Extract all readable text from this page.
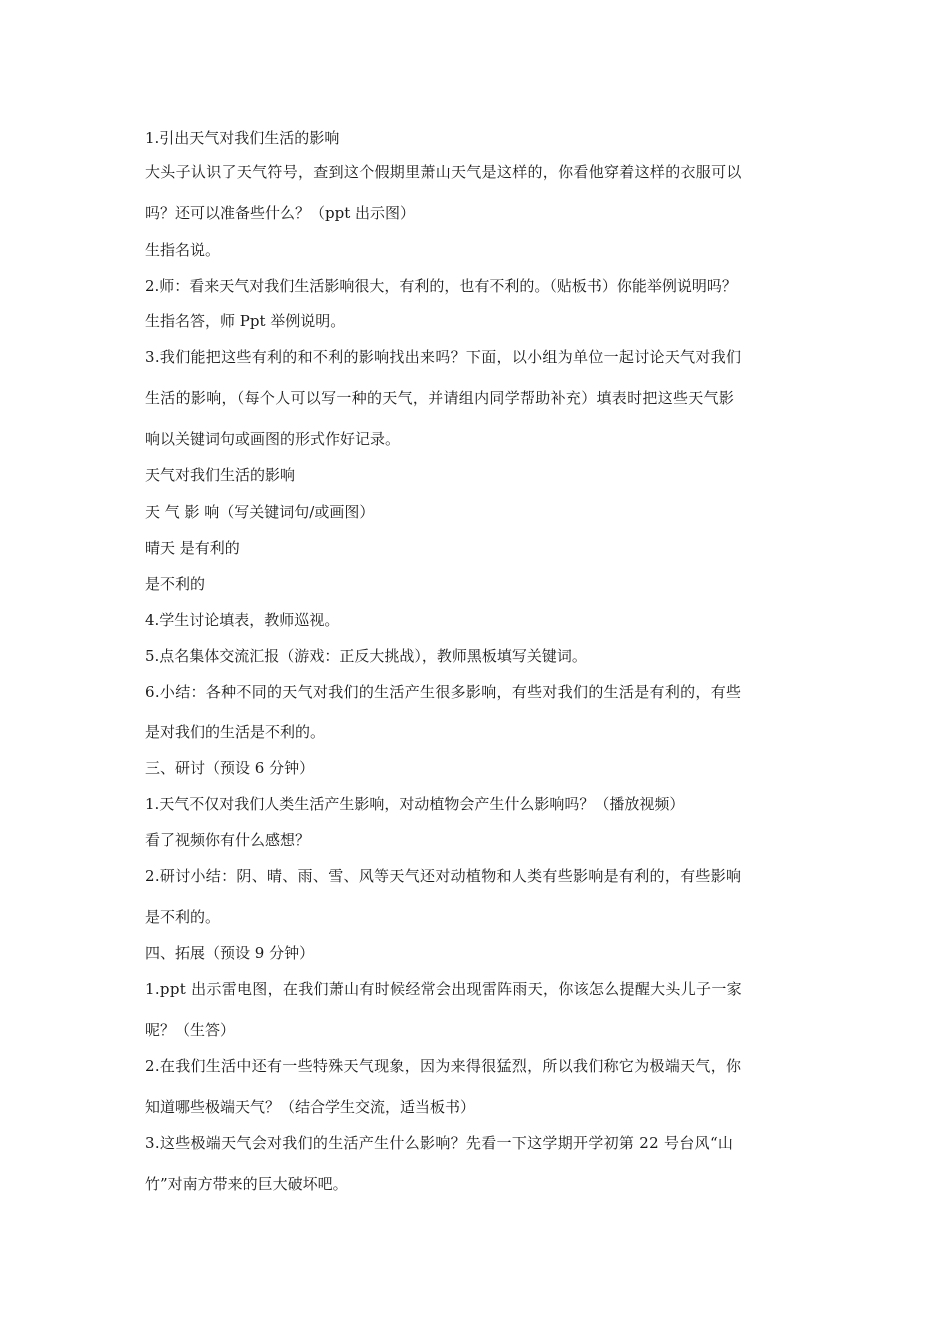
1.引出天气对我们生活的影响
大头子认识了天气符号，查到这个假期里萧山天气是这样的，你看他穿着这样的衣服可以
吗？还可以准备些什么？（ppt 出示图）
生指名说。
2.师：看来天气对我们生活影响很大，有利的，也有不利的。（贴板书）你能举例说明吗？
生指名答，师 Ppt 举例说明。
3.我们能把这些有利的和不利的影响找出来吗？下面，以小组为单位一起讨论天气对我们
生活的影响，（每个人可以写一种的天气，并请组内同学帮助补充）填表时把这些天气影
响以关键词句或画图的形式作好记录。
天气对我们生活的影响
天 气 影 响（写关键词句/或画图）
晴天 是有利的
是不利的
4.学生讨论填表，教师巡视。
5.点名集体交流汇报（游戏：正反大挑战），教师黑板填写关键词。
6.小结：各种不同的天气对我们的生活产生很多影响，有些对我们的生活是有利的，有些
是对我们的生活是不利的。
三、研讨（预设 6 分钟）
1.天气不仅对我们人类生活产生影响，对动植物会产生什么影响吗？（播放视频）
看了视频你有什么感想？
2.研讨小结：阴、晴、雨、雪、风等天气还对动植物和人类有些影响是有利的，有些影响
是不利的。
四、拓展（预设 9 分钟）
1.ppt 出示雷电图，在我们萧山有时候经常会出现雷阵雨天，你该怎么提醒大头儿子一家
呢？（生答）
2.在我们生活中还有一些特殊天气现象，因为来得很猛烈，所以我们称它为极端天气，你
知道哪些极端天气？（结合学生交流，适当板书）
3.这些极端天气会对我们的生活产生什么影响？先看一下这学期开学初第 22 号台风“山
竹”对南方带来的巨大破坏吧。
